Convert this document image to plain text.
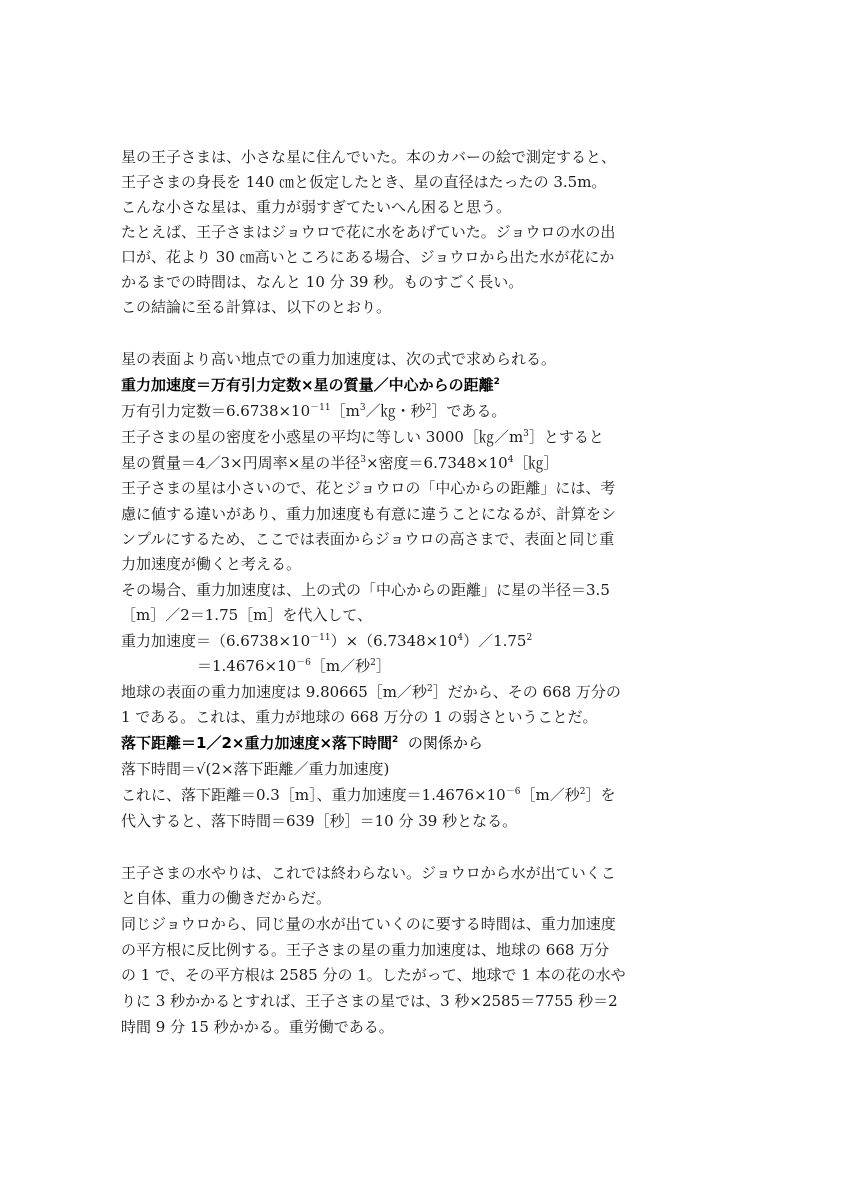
星の王子さまは、小さな星に住んでいた。本のカバーの絵で測定すると、
王子さまの身長を 140 ㎝と仮定したとき、星の直径はたったの 3.5m。
こんな小さな星は、重力が弱すぎてたいへん困ると思う。
たとえば、王子さまはジョウロで花に水をあげていた。ジョウロの水の出
口が、花より 30 ㎝高いところにある場合、ジョウロから出た水が花にか
かるまでの時間は、なんと 10 分 39 秒。ものすごく長い。
この結論に至る計算は、以下のとおり。
星の表面より高い地点での重力加速度は、次の式で求められる。
重力加速度＝万有引力定数×星の質量／中心からの距離$^2$
万有引力定数$=6.6738\times 10^{-11}[m^3/㎏$・秒$^2$］である。
王子さまの星の密度を小惑星の平均に等しい $3000[㎏/m^3]$とすると
星の質量＝4／3×円周率×星の半径$^3$×密度$=6.7348\times 10^4[㎏]$
王子さまの星は小さいので、花とジョウロの「中心からの距離」には、考
慮に値する違いがあり、重力加速度も有意に違うことになるが、計算をシ
ンプルにするため、ここでは表面からジョウロの高さまで、表面と同じ重
力加速度が働くと考える。
その場合、重力加速度は、上の式の「中心からの距離」に星の半径＝3.5
［m］／2＝1.75［m］を代入して、
重力加速度$=(6.6738\times 10^{-11})\times(6.7348\times 10^4)/1.75^2$
$=1.4676\times 10^{-6}[m/$秒$^2$］
地球の表面の重力加速度は 9.80665［m／秒$^2$］だから、その 668 万分の
1 である。これは、重力が地球の 668 万分の 1 の弱さということだ。
落下距離＝1／2×重力加速度×落下時間$^2$  の関係から
落下時間＝√(2×落下距離／重力加速度)
これに、落下距離＝0.3［m］、重力加速度$=1.4676\times 10^{-6}[m/$秒$^2$］を
代入すると、落下時間＝639［秒］＝10 分 39 秒となる。
王子さまの水やりは、これでは終わらない。ジョウロから水が出ていくこ
と自体、重力の働きだからだ。
同じジョウロから、同じ量の水が出ていくのに要する時間は、重力加速度
の平方根に反比例する。王子さまの星の重力加速度は、地球の 668 万分
の 1 で、その平方根は 2585 分の 1。したがって、地球で 1 本の花の水や
りに 3 秒かかるとすれば、王子さまの星では、3 秒×2585＝7755 秒＝2
時間 9 分 15 秒かかる。重労働である。
